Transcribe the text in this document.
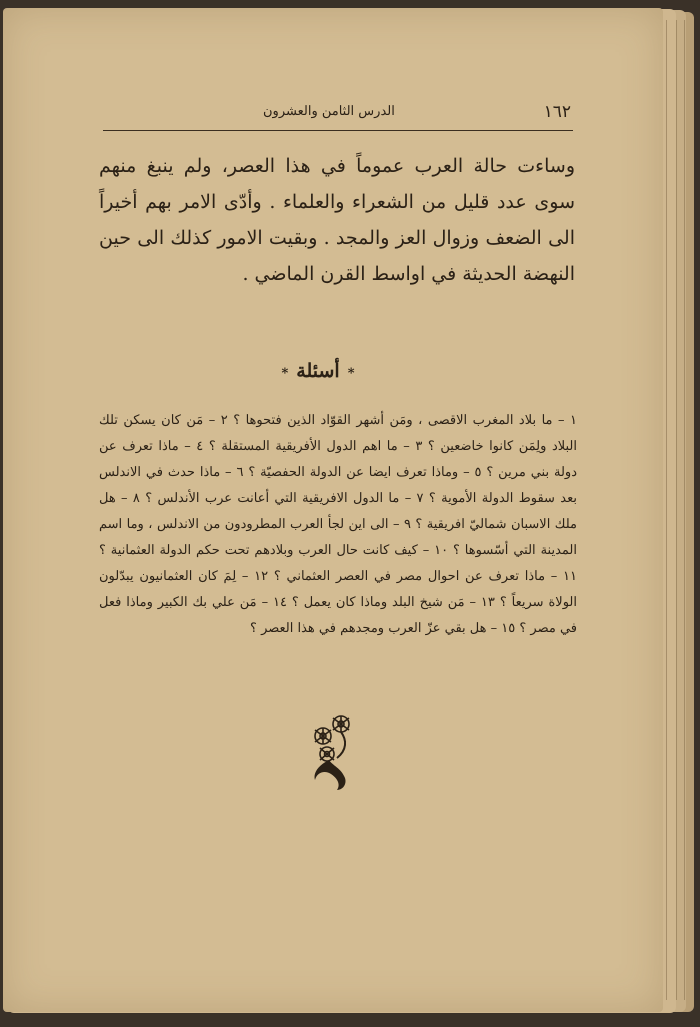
١٦٢
الدرس الثامن والعشرون
وساءت حالة العرب عموماً في هذا العصر، ولم ينبغ منهم سوى عدد قليل من الشعراء والعلماء . وأدّى الامر بهم أخيراً الى الضعف وزوال العز والمجد . وبقيت الامور كذلك الى حين النهضة الحديثة في اواسط القرن الماضي .
*أسئلة*
١ – ما بلاد المغرب الاقصى ، ومَن أشهر القوّاد الذين فتحوها ؟ ٢ – مَن كان يسكن تلك البلاد ولِمَن كانوا خاضعين ؟ ٣ – ما اهم الدول الأفريقية المستقلة ؟ ٤ – ماذا تعرف عن دولة بني مرين ؟ ٥ – وماذا تعرف ايضا عن الدولة الحفصيّة ؟ ٦ – ماذا حدث في الاندلس بعد سقوط الدولة الأموية ؟ ٧ – ما الدول الافريقية التي أعانت عرب الأندلس ؟ ٨ – هل ملك الاسبان شماليّ افريقية ؟ ٩ – الى اين لجأ العرب المطرودون من الاندلس ، وما اسم المدينة التي أسّسوها ؟ ١٠ – كيف كانت حال العرب وبلادهم تحت حكم الدولة العثمانية ؟ ١١ – ماذا تعرف عن احوال مصر في العصر العثماني ؟ ١٢ – لِمَ كان العثمانيون يبدّلون الولاة سريعاً ؟ ١٣ – مَن شيخ البلد وماذا كان يعمل ؟ ١٤ – مَن علي بك الكبير وماذا فعل في مصر ؟ ١٥ – هل بقي عزّ العرب ومجدهم في هذا العصر ؟
